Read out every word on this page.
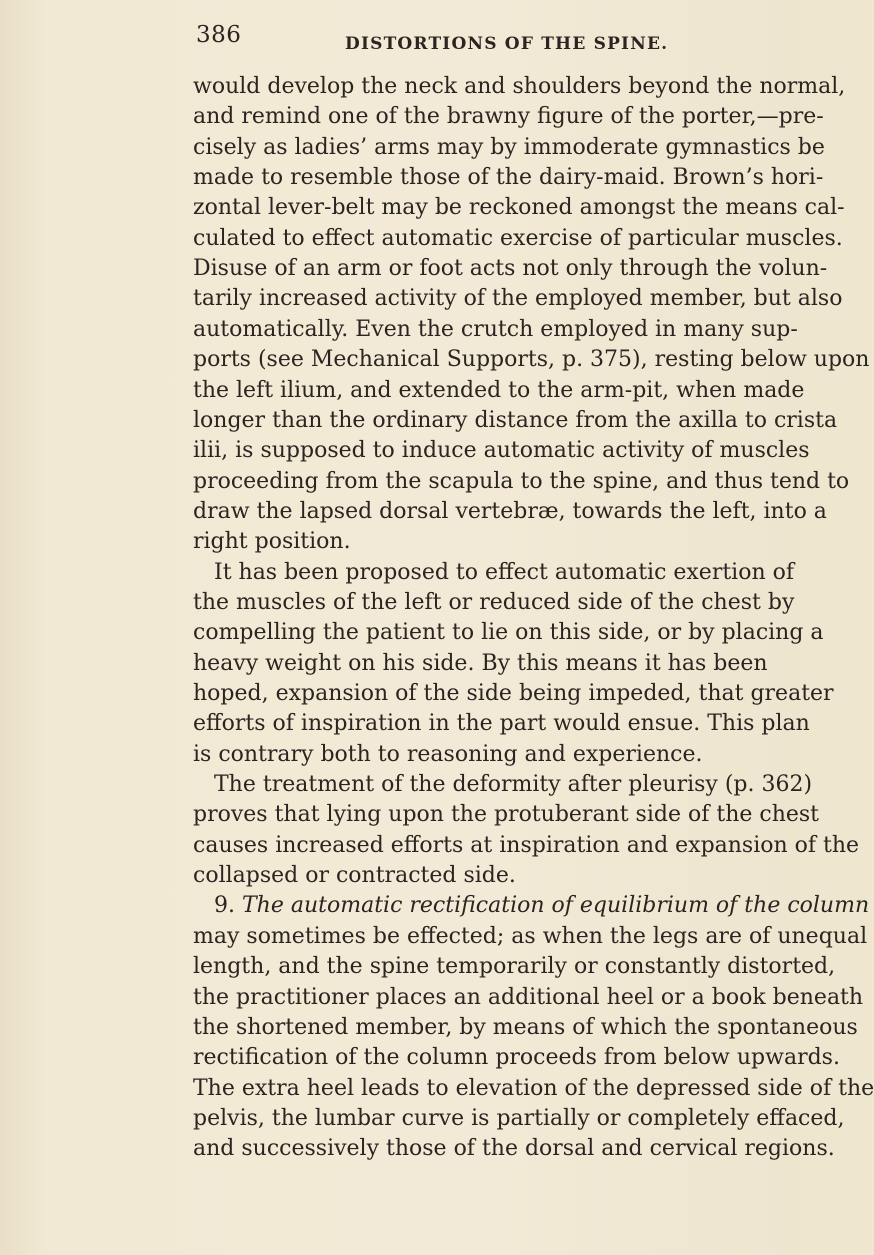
386	DISTORTIONS OF THE SPINE.
would develop the neck and shoulders beyond the normal,
and remind one of the brawny figure of the porter,—pre-
cisely as ladies’ arms may by immoderate gymnastics be
made to resemble those of the dairy-maid. Brown’s hori-
zontal lever-belt may be reckoned amongst the means cal-
culated to effect automatic exercise of particular muscles.
Disuse of an arm or foot acts not only through the volun-
tarily increased activity of the employed member, but also
automatically. Even the crutch employed in many sup-
ports (see Mechanical Supports, p. 375), resting below upon
the left ilium, and extended to the arm-pit, when made
longer than the ordinary distance from the axilla to crista
ilii, is supposed to induce automatic activity of muscles
proceeding from the scapula to the spine, and thus tend to
draw the lapsed dorsal vertebræ, towards the left, into a
right position.
It has been proposed to effect automatic exertion of
the muscles of the left or reduced side of the chest by
compelling the patient to lie on this side, or by placing a
heavy weight on his side. By this means it has been
hoped, expansion of the side being impeded, that greater
efforts of inspiration in the part would ensue. This plan
is contrary both to reasoning and experience.
The treatment of the deformity after pleurisy (p. 362)
proves that lying upon the protuberant side of the chest
causes increased efforts at inspiration and expansion of the
collapsed or contracted side.
9. The automatic rectification of equilibrium of the column
may sometimes be effected; as when the legs are of unequal
length, and the spine temporarily or constantly distorted,
the practitioner places an additional heel or a book beneath
the shortened member, by means of which the spontaneous
rectification of the column proceeds from below upwards.
The extra heel leads to elevation of the depressed side of the
pelvis, the lumbar curve is partially or completely effaced,
and successively those of the dorsal and cervical regions.
